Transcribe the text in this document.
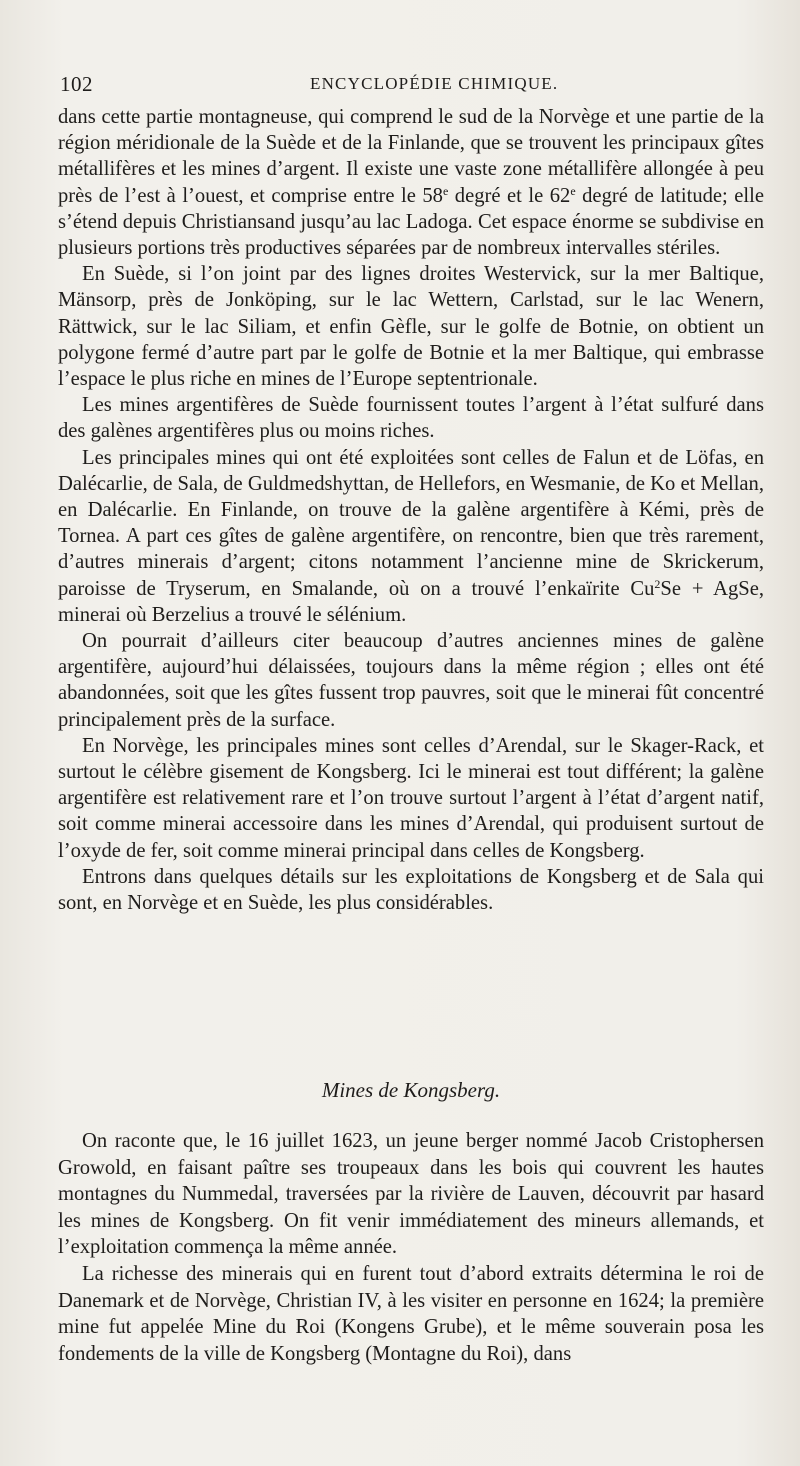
102	ENCYCLOPÉDIE CHIMIQUE.

dans cette partie montagneuse, qui comprend le sud de la Norvège et une partie de la région méridionale de la Suède et de la Finlande, que se trouvent les principaux gîtes métallifères et les mines d’argent. Il existe une vaste zone métallifère allongée à peu près de l’est à l’ouest, et comprise entre le 58e degré et le 62e degré de latitude; elle s’étend depuis Christiansand jusqu’au lac Ladoga. Cet espace énorme se subdivise en plusieurs portions très productives séparées par de nombreux intervalles stériles.

En Suède, si l’on joint par des lignes droites Westervick, sur la mer Baltique, Mänsorp, près de Jonköping, sur le lac Wettern, Carlstad, sur le lac Wenern, Rättwick, sur le lac Siliam, et enfin Gèfle, sur le golfe de Botnie, on obtient un polygone fermé d’autre part par le golfe de Botnie et la mer Baltique, qui embrasse l’espace le plus riche en mines de l’Europe septentrionale.

Les mines argentifères de Suède fournissent toutes l’argent à l’état sulfuré dans des galènes argentifères plus ou moins riches.

Les principales mines qui ont été exploitées sont celles de Falun et de Löfas, en Dalécarlie, de Sala, de Guldmedshyttan, de Hellefors, en Wesmanie, de Ko et Mellan, en Dalécarlie. En Finlande, on trouve de la galène argentifère à Kémi, près de Tornea. A part ces gîtes de galène argentifère, on rencontre, bien que très rarement, d’autres minerais d’argent; citons notamment l’ancienne mine de Skrickerum, paroisse de Tryserum, en Smalande, où on a trouvé l’enkaïrite $Cu^2Se$ + AgSe, minerai où Berzelius a trouvé le sélénium.

On pourrait d’ailleurs citer beaucoup d’autres anciennes mines de galène argentifère, aujourd’hui délaissées, toujours dans la même région ; elles ont été abandonnées, soit que les gîtes fussent trop pauvres, soit que le minerai fût concentré principalement près de la surface.

En Norvège, les principales mines sont celles d’Arendal, sur le Skager-Rack, et surtout le célèbre gisement de Kongsberg. Ici le minerai est tout différent; la galène argentifère est relativement rare et l’on trouve surtout l’argent à l’état d’argent natif, soit comme minerai accessoire dans les mines d’Arendal, qui produisent surtout de l’oxyde de fer, soit comme minerai principal dans celles de Kongsberg.

Entrons dans quelques détails sur les exploitations de Kongsberg et de Sala qui sont, en Norvège et en Suède, les plus considérables.

Mines de Kongsberg.

On raconte que, le 16 juillet 1623, un jeune berger nommé Jacob Cristophersen Growold, en faisant paître ses troupeaux dans les bois qui couvrent les hautes montagnes du Nummedal, traversées par la rivière de Lauven, découvrit par hasard les mines de Kongsberg. On fit venir immédiatement des mineurs allemands, et l’exploitation commença la même année.

La richesse des minerais qui en furent tout d’abord extraits détermina le roi de Danemark et de Norvège, Christian IV, à les visiter en personne en 1624; la première mine fut appelée Mine du Roi (Kongens Grube), et le même souverain posa les fondements de la ville de Kongsberg (Montagne du Roi), dans
